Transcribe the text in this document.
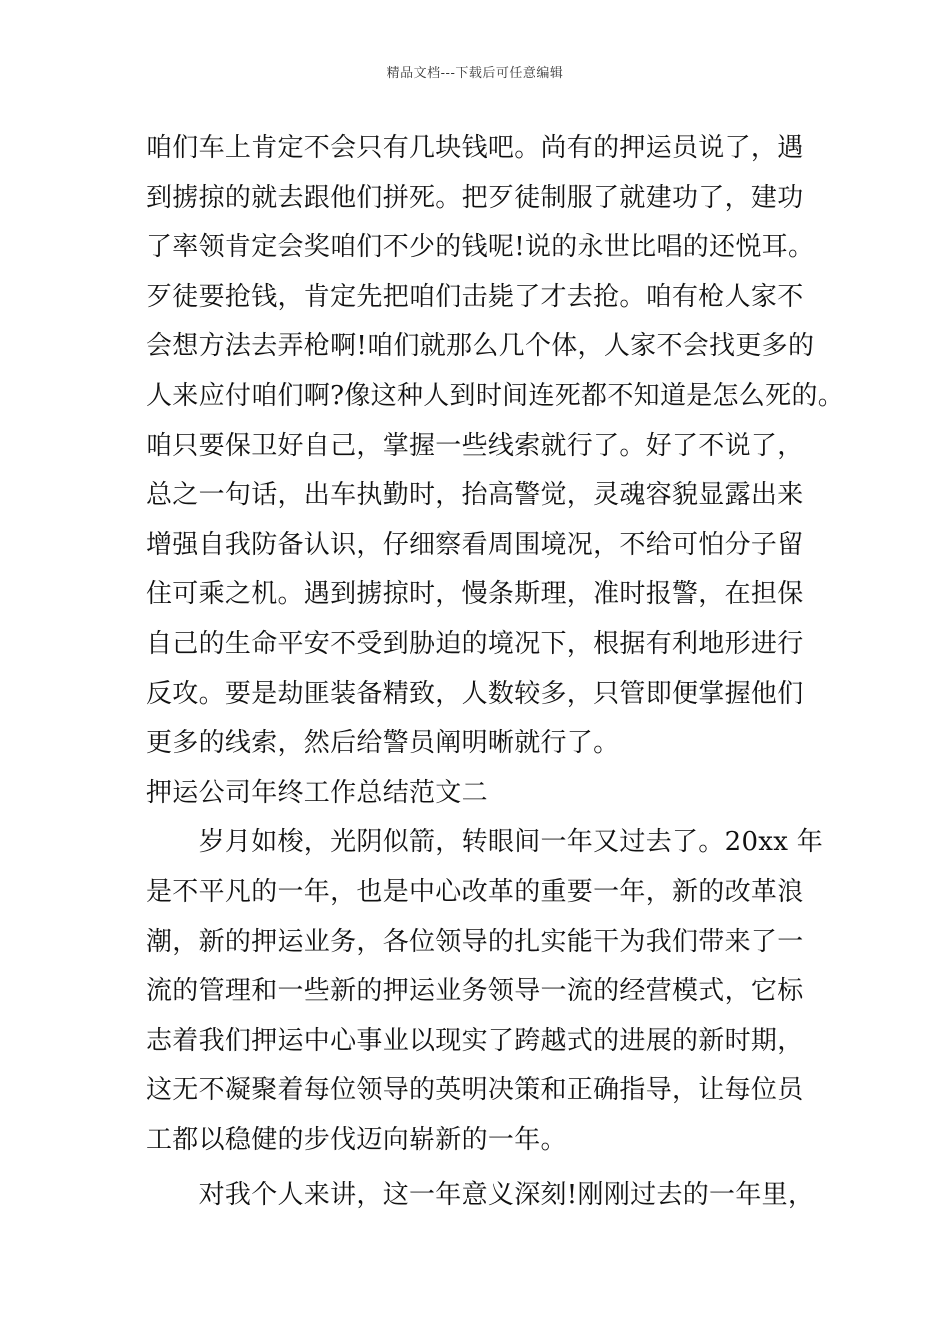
精品文档---下载后可任意编辑
咱们车上肯定不会只有几块钱吧。尚有的押运员说了，遇
到掳掠的就去跟他们拼死。把歹徒制服了就建功了，建功
了率领肯定会奖咱们不少的钱呢!说的永世比唱的还悦耳。
歹徒要抢钱，肯定先把咱们击毙了才去抢。咱有枪人家不
会想方法去弄枪啊!咱们就那么几个体，人家不会找更多的
人来应付咱们啊?像这种人到时间连死都不知道是怎么死的。
咱只要保卫好自己，掌握一些线索就行了。好了不说了，
总之一句话，出车执勤时，抬高警觉，灵魂容貌显露出来
增强自我防备认识，仔细察看周围境况，不给可怕分子留
住可乘之机。遇到掳掠时，慢条斯理，准时报警，在担保
自己的生命平安不受到胁迫的境况下，根据有利地形进行
反攻。要是劫匪装备精致，人数较多，只管即便掌握他们
更多的线索，然后给警员阐明晰就行了。
押运公司年终工作总结范文二
　　岁月如梭，光阴似箭，转眼间一年又过去了。20xx 年
是不平凡的一年，也是中心改革的重要一年，新的改革浪
潮，新的押运业务，各位领导的扎实能干为我们带来了一
流的管理和一些新的押运业务领导一流的经营模式，它标
志着我们押运中心事业以现实了跨越式的进展的新时期，
这无不凝聚着每位领导的英明决策和正确指导，让每位员
工都以稳健的步伐迈向崭新的一年。
　　对我个人来讲，这一年意义深刻!刚刚过去的一年里，
